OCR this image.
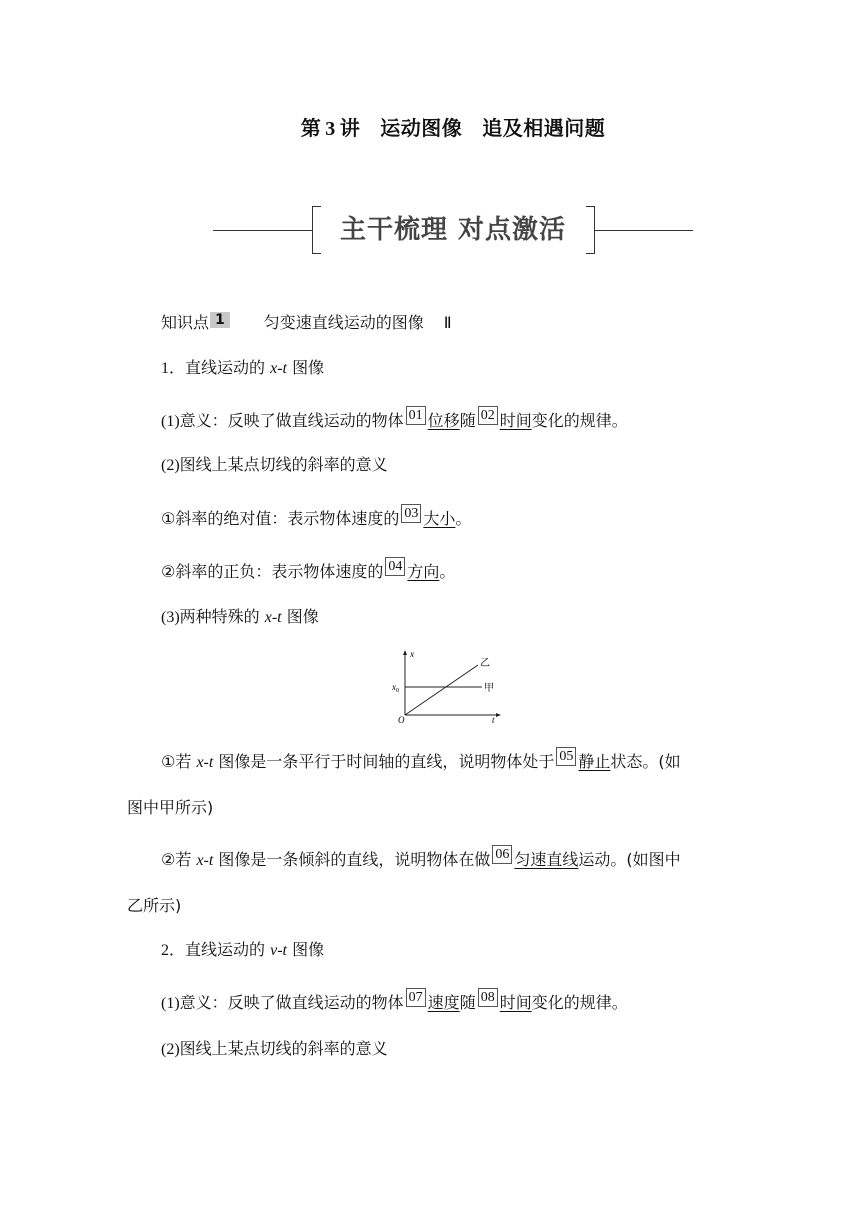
第 3 讲 运动图像 追及相遇问题
主干梳理 对点激活
知识点 1 匀变速直线运动的图像 Ⅱ
1．直线运动的 x-t 图像
(1)意义：反映了做直线运动的物体 01 位移随 02 时间变化的规律。
(2)图线上某点切线的斜率的意义
①斜率的绝对值：表示物体速度的 03 大小。
②斜率的正负：表示物体速度的 04 方向。
(3)两种特殊的 x-t 图像
x
t
O
$x_0$	甲
乙
①若 x-t 图像是一条平行于时间轴的直线，说明物体处于 05 静止状态。(如
图中甲所示)
②若 x-t 图像是一条倾斜的直线，说明物体在做 06 匀速直线运动。(如图中
乙所示)
2．直线运动的 v-t 图像
(1)意义：反映了做直线运动的物体 07 速度随 08 时间变化的规律。
(2)图线上某点切线的斜率的意义
